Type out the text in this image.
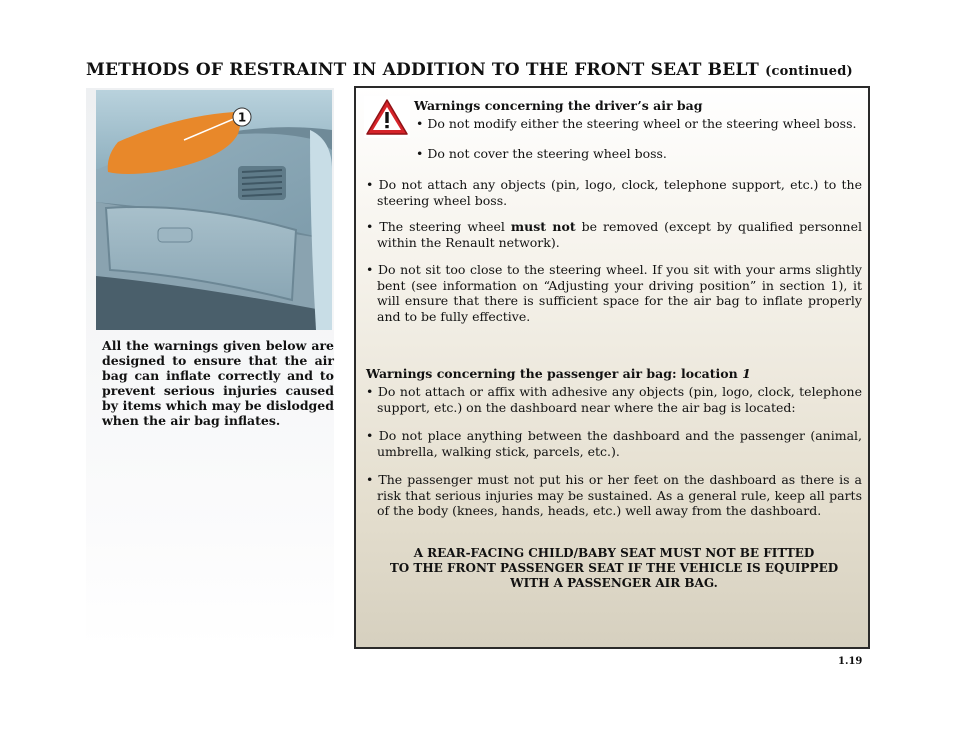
METHODS OF RESTRAINT IN ADDITION TO THE FRONT SEAT BELT (continued)
1
All the warnings given below are designed to ensure that the air bag can inflate correctly and to prevent serious injuries caused by items which may be dislodged when the air bag inflates.
Warnings concerning the driver’s air bag
• Do not modify either the steering wheel or the steering wheel boss.
• Do not cover the steering wheel boss.
• Do not attach any objects (pin, logo, clock, telephone support, etc.) to the steering wheel boss.
• The steering wheel must not be removed (except by qualified personnel within the Renault network).
• Do not sit too close to the steering wheel. If you sit with your arms slightly bent (see information on “Adjusting your driving position” in section 1), it will ensure that there is sufficient space for the air bag to inflate properly and to be fully effective.
Warnings concerning the passenger air bag: location 1
• Do not attach or affix with adhesive any objects (pin, logo, clock, telephone support, etc.) on the dashboard near where the air bag is located:
• Do not place anything between the dashboard and the passenger (animal, umbrella, walking stick, parcels, etc.).
• The passenger must not put his or her feet on the dashboard as there is a risk that serious injuries may be sustained. As a general rule, keep all parts of the body (knees, hands, heads, etc.) well away from the dashboard.
A REAR-FACING CHILD/BABY SEAT MUST NOT BE FITTED
TO THE FRONT PASSENGER SEAT IF THE VEHICLE IS EQUIPPED
WITH A PASSENGER AIR BAG.
1.19
